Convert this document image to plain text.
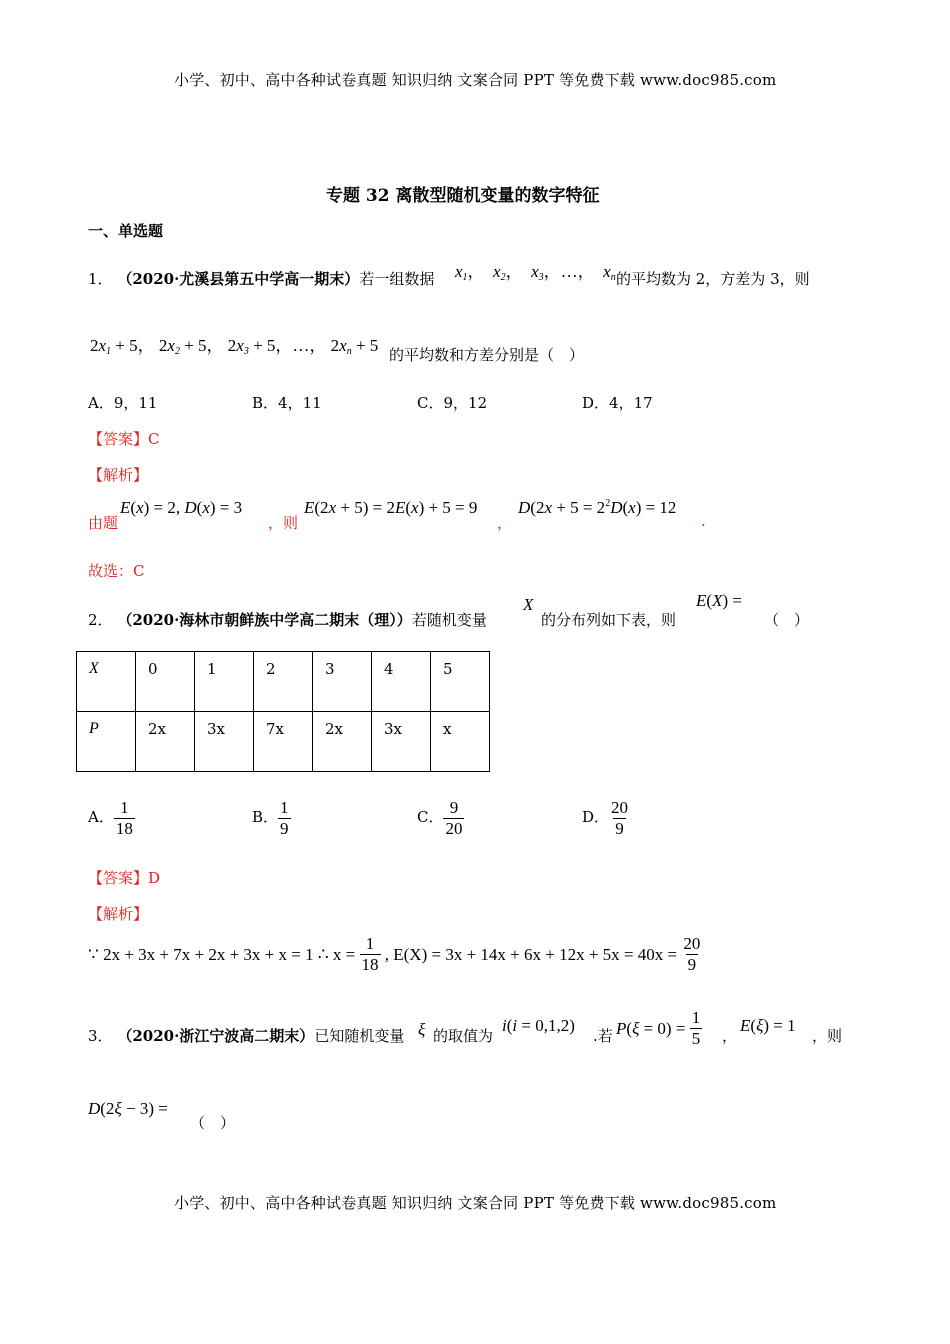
小学、初中、高中各种试卷真题 知识归纳 文案合同 PPT 等免费下载 www.doc985.com
专题 32 离散型随机变量的数字特征
一、单选题
1． （2020·尤溪县第五中学高一期末）若一组数据 $x_1$，  $x_2$，  $x_3$，…，  $x_n$ 的平均数为 2，方差为 3，则
$2x_1 + 5$， $2x_2 + 5$， $2x_3 + 5$，…， $2x_n + 5$ 的平均数和方差分别是（　）
A．9，11	B．4，11	C．9，12	D．4，17
【答案】C
【解析】
由题
E(x) = 2, D(x) = 3
，则
E(2x + 5) = 2E(x) + 5 = 9
，
$D(2x + 5 = 2^2D(x) = 12$
.
故选：C
2． （2020·海林市朝鲜族中学高二期末（理））若随机变量
X
的分布列如下表，则
E(X) =
（　）
X	0	1	2	3	4	5
P	2x	3x	7x	2x	3x	x
A． $\frac{1}{18}$	B． $\frac{1}{9}$	C． $\frac{9}{20}$	D． $\frac{20}{9}$
【答案】D
【解析】
∵ 2x + 3x + 7x + 2x + 3x + x = 1 ∴ $x = \frac{1}{18}$ , $E(X) = 3x + 14x + 6x + 12x + 5x = 40x = \frac{20}{9}$
3． （2020·浙江宁波高二期末）已知随机变量 ξ 的取值为
i(i = 0,1,2)
.若 $P(\xi = 0) = \frac{1}{5}$ ，
E(ξ) = 1
，则
D(2ξ − 3) =
（　）
小学、初中、高中各种试卷真题 知识归纳 文案合同 PPT 等免费下载 www.doc985.com
